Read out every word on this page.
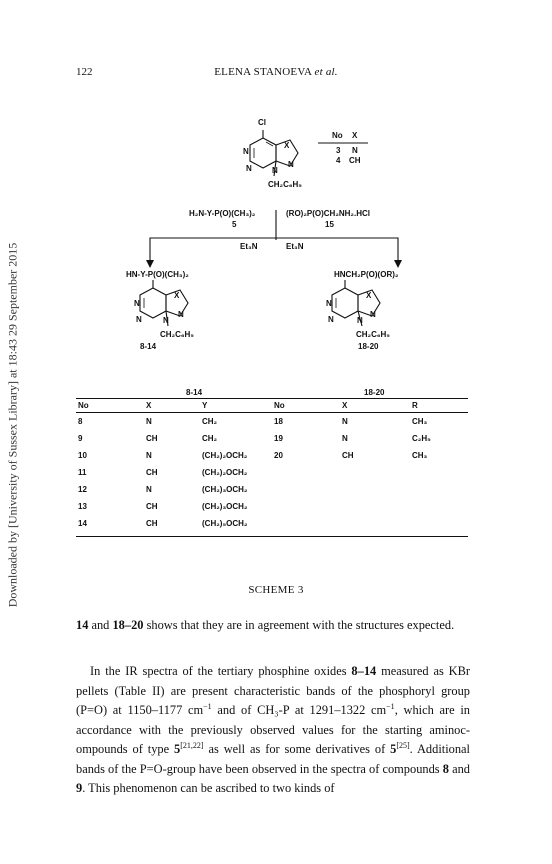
Downloaded by [University of Sussex Library] at 18:43 29 September 2015
122	ELENA STANOEVA et al.
Cl
N
X
N
N	N
CH₂C₆H₅
No X
3 N
4 CH
H₂N-Y-P(O)(CH₃)₂
5
(RO)₂P(O)CH₂NH₂.HCl
15
Et₃N	Et₃N
HN-Y-P(O)(CH₃)₂
N
X
N
N	N
CH₂C₆H₅
8-14
HNCH₂P(O)(OR)₂
N
X
N
N	N
CH₂C₆H₅
18-20
8-14	18-20
No	X	Y	No	X	R
8	N	CH₂	18	N	CH₃
9	CH	CH₂	19	N	C₂H₅
10	N	(CH₂)₂OCH₂	20	CH	CH₃
11	CH	(CH₂)₂OCH₂
12	N	(CH₂)₃OCH₂
13	CH	(CH₂)₃OCH₂
14	CH	(CH₂)₅OCH₂
SCHEME 3

14 and 18–20 shows that they are in agreement with the structures expected.

In the IR spectra of the tertiary phosphine oxides 8–14 measured as KBr pellets (Table II) are present characteristic bands of the phosphoryl group (P=O) at 1150–1177 $cm^{-1}$ and of CH₃-P at 1291–1322 $cm^{-1}$, which are in accordance with the previously observed values for the starting aminoc-ompounds of type 5[21,22] as well as for some derivatives of 5[25]. Additional bands of the P=O-group have been observed in the spectra of compounds 8 and 9. This phenomenon can be ascribed to two kinds of
